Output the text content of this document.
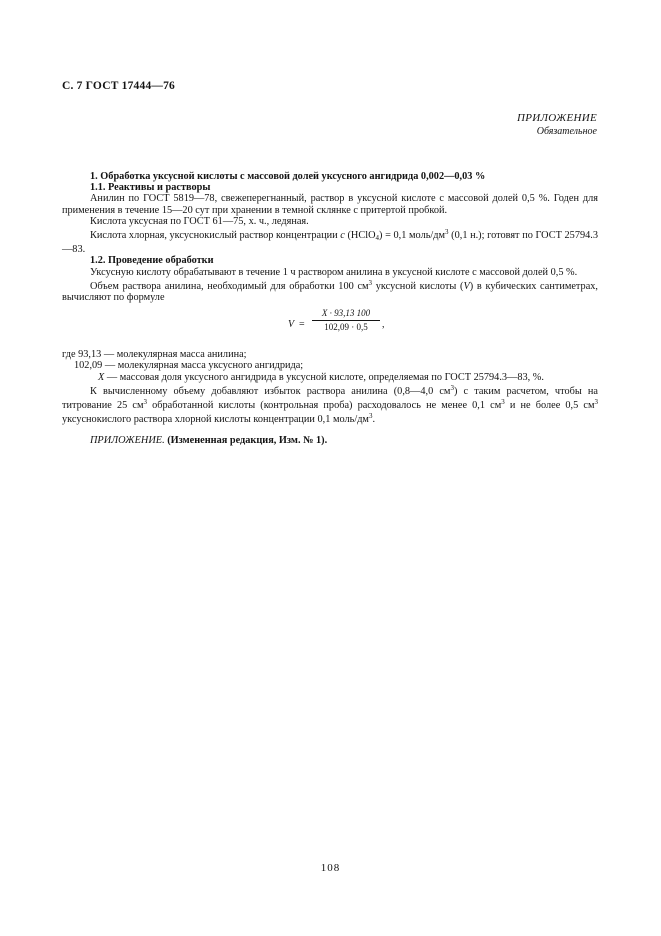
С. 7 ГОСТ 17444—76
ПРИЛОЖЕНИЕ
Обязательное

1. Обработка уксусной кислоты с массовой долей уксусного ангидрида 0,002—0,03 %

1.1. Реактивы и растворы

Анилин по ГОСТ 5819—78, свежеперегнанный, раствор в уксусной кислоте с массовой долей 0,5 %. Годен для применения в течение 15—20 сут при хранении в темной склянке с притертой пробкой.

Кислота уксусная по ГОСТ 61—75, х. ч., ледяная.

Кислота хлорная, уксуснокислый раствор концентрации c (HClO$_4$) = 0,1 моль/$дм^3$ (0,1 н.); готовят по ГОСТ 25794.3—83.

1.2. Проведение обработки

Уксусную кислоту обрабатывают в течение 1 ч раствором анилина в уксусной кислоте с массовой долей 0,5 %.

Объем раствора анилина, необходимый для обработки 100 $см^3$ уксусной кислоты (V) в кубических сантиметрах, вычисляют по формуле

$V = \frac{X \cdot 93,13 100}{102,09 \cdot 0,5}$ ,

где 93,13 — молекулярная масса анилина;

102,09 — молекулярная масса уксусного ангидрида;

X — массовая доля уксусного ангидрида в уксусной кислоте, определяемая по ГОСТ 25794.3—83, %.

К вычисленному объему добавляют избыток раствора анилина (0,8—4,0 $см^3$) с таким расчетом, чтобы на титрование 25 $см^3$ обработанной кислоты (контрольная проба) расходовалось не менее 0,1 $см^3$ и не более 0,5 $см^3$ уксуснокислого раствора хлорной кислоты концентрации 0,1 моль/$дм^3$.

ПРИЛОЖЕНИЕ. (Измененная редакция, Изм. № 1).

108
